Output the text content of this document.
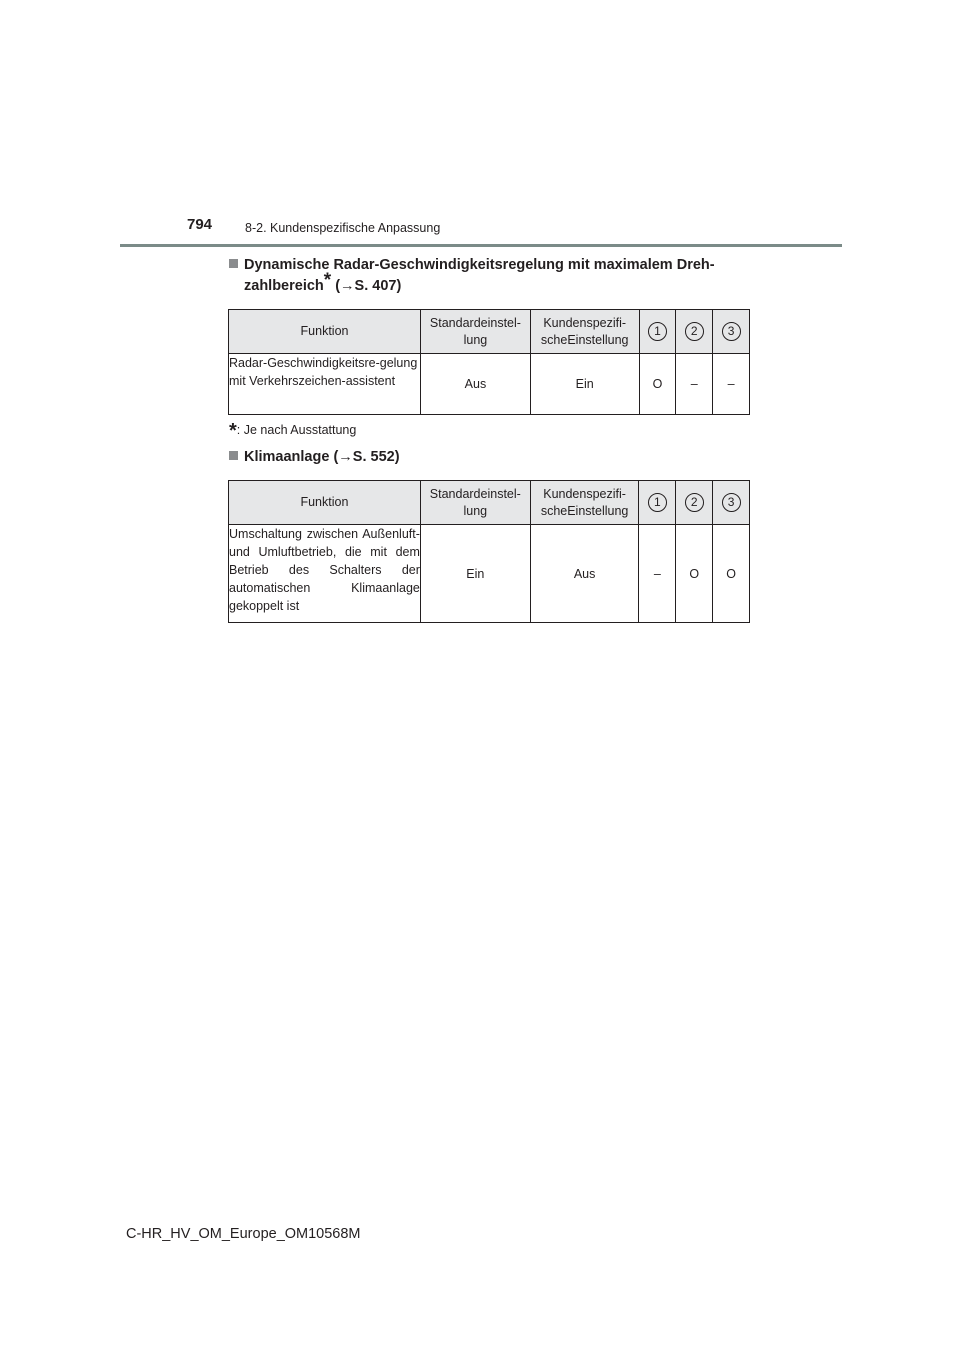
794	8-2. Kundenspezifische Anpassung
Dynamische Radar-Geschwindigkeitsregelung mit maximalem Dreh-
zahlbereich* (→S. 407)
Funktion	Standardeinstel-lung	Kundenspezifi-scheEinstellung	1	2	3
Radar-Geschwindigkeitsre-gelung mit Verkehrszeichen-assistent	Aus	Ein	O	–	–
*: Je nach Ausstattung
Klimaanlage (→S. 552)
Funktion	Standardeinstel-lung	Kundenspezifi-scheEinstellung	1	2	3
Umschaltung zwischen Außenluft- und Umluftbetrieb, die mit dem Betrieb des Schalters der automatischen Klimaanlage gekoppelt ist	Ein	Aus	–	O	O
C-HR_HV_OM_Europe_OM10568M
